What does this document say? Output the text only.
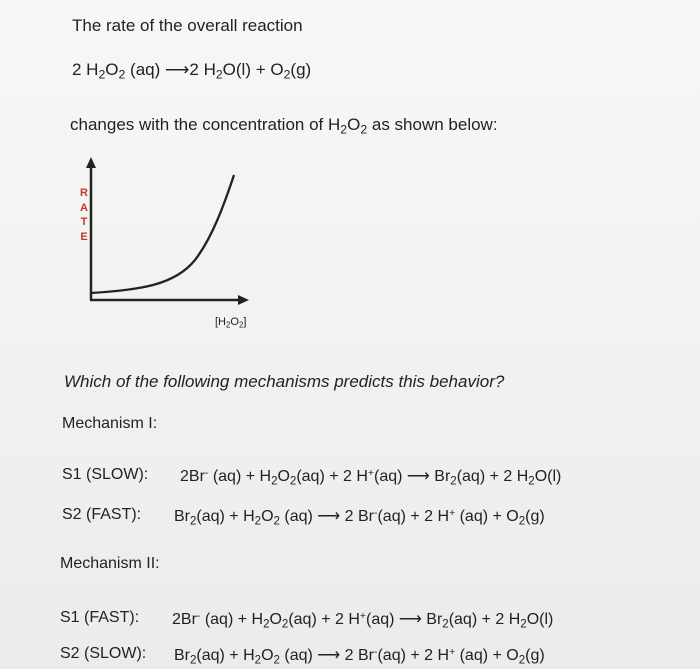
The rate of the overall reaction
2 $H_2O_2$ (aq) ⟶2 $H_2O(l) + O_2(g)$
changes with the concentration of $H_2O_2$ as shown below:
R
A
T
E
$[H_2O_2]$
Which of the following mechanisms predicts this behavior?
Mechanism I:
S1 (SLOW): 2Br- $(aq) + H_2O_2(aq) + 2$ H+(aq) ⟶ $Br_2(aq) + 2$ $H_2O(l)$
S2 (FAST): $Br_2(aq) + H_2O_2$ (aq) ⟶ 2 Br-(aq) + 2 H+ $(aq) + O_2(g)$
Mechanism II:
S1 (FAST): 2Br- $(aq) + H_2O_2(aq) + 2$ H+(aq) ⟶ $Br_2(aq) + 2$ $H_2O(l)$
S2 (SLOW): $Br_2(aq) + H_2O_2$ (aq) ⟶ 2 Br-(aq) + 2 H+ $(aq) + O_2(g)$
